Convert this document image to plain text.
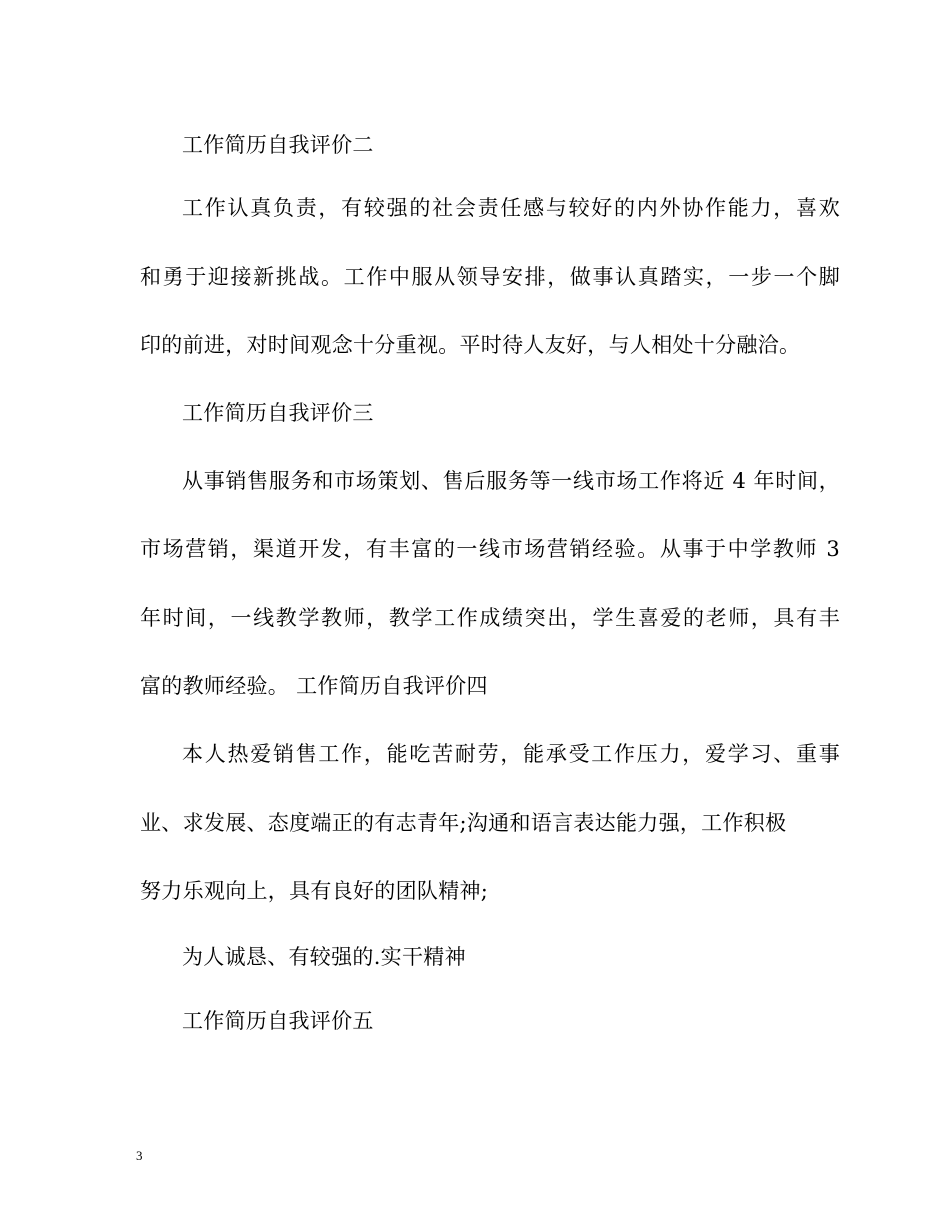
工作简历自我评价二
工作认真负责，有较强的社会责任感与较好的内外协作能力，喜欢
和勇于迎接新挑战。工作中服从领导安排，做事认真踏实，一步一个脚
印的前进，对时间观念十分重视。平时待人友好，与人相处十分融洽。
工作简历自我评价三
从事销售服务和市场策划、售后服务等一线市场工作将近 4 年时间，
市场营销，渠道开发，有丰富的一线市场营销经验。从事于中学教师 3
年时间，一线教学教师，教学工作成绩突出，学生喜爱的老师，具有丰
富的教师经验。 工作简历自我评价四
本人热爱销售工作，能吃苦耐劳，能承受工作压力，爱学习、重事
业、求发展、态度端正的有志青年;沟通和语言表达能力强，工作积极
努力乐观向上，具有良好的团队精神;
为人诚恳、有较强的.实干精神
工作简历自我评价五
3
